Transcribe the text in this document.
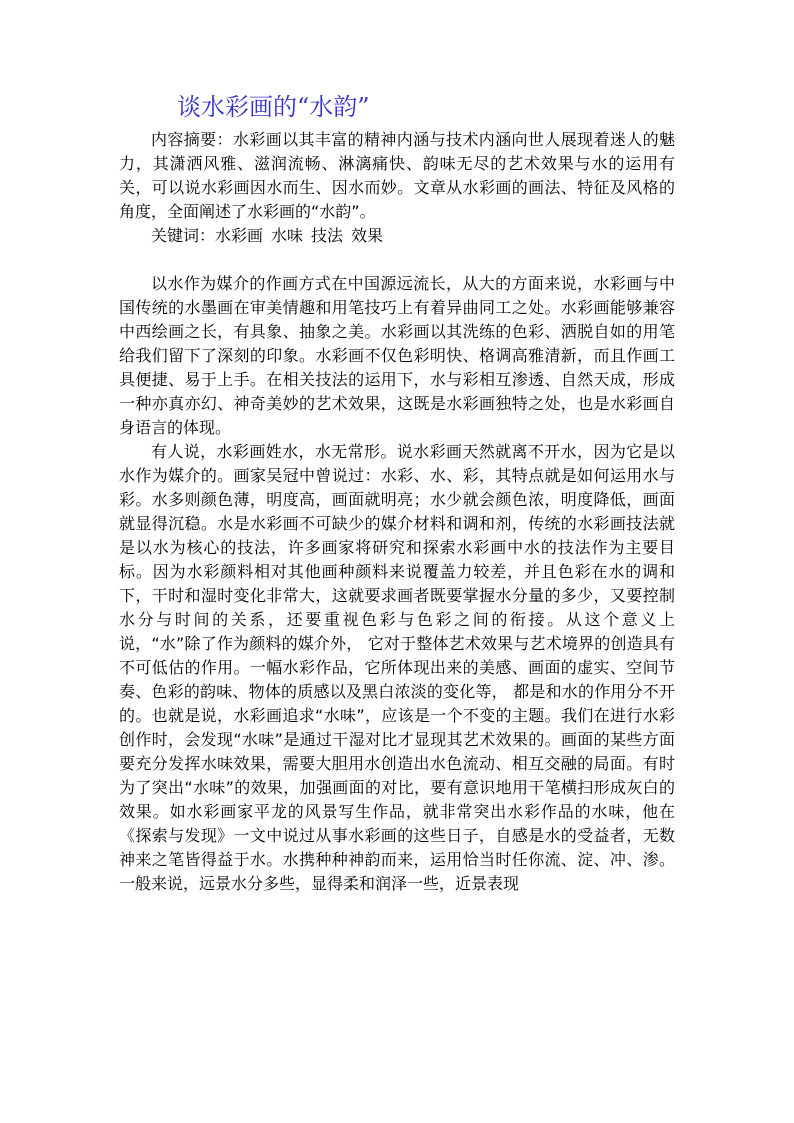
谈水彩画的“水韵”

内容摘要：水彩画以其丰富的精神内涵与技术内涵向世人展现着迷人的魅力，其潇洒风雅、滋润流畅、淋漓痛快、韵味无尽的艺术效果与水的运用有关，可以说水彩画因水而生、因水而妙。文章从水彩画的画法、特征及风格的角度，全面阐述了水彩画的“水韵”。

关键词：水彩画 水味 技法 效果

以水作为媒介的作画方式在中国源远流长，从大的方面来说，水彩画与中国传统的水墨画在审美情趣和用笔技巧上有着异曲同工之处。水彩画能够兼容中西绘画之长，有具象、抽象之美。水彩画以其洗练的色彩、洒脱自如的用笔给我们留下了深刻的印象。水彩画不仅色彩明快、格调高雅清新，而且作画工具便捷、易于上手。在相关技法的运用下，水与彩相互渗透、自然天成，形成一种亦真亦幻、神奇美妙的艺术效果，这既是水彩画独特之处，也是水彩画自身语言的体现。

有人说，水彩画姓水，水无常形。说水彩画天然就离不开水，因为它是以水作为媒介的。画家吴冠中曾说过：水彩、水、彩，其特点就是如何运用水与彩。水多则颜色薄，明度高，画面就明亮；水少就会颜色浓，明度降低，画面就显得沉稳。水是水彩画不可缺少的媒介材料和调和剂，传统的水彩画技法就是以水为核心的技法，许多画家将研究和探索水彩画中水的技法作为主要目标。因为水彩颜料相对其他画种颜料来说覆盖力较差，并且色彩在水的调和下，干时和湿时变化非常大，这就要求画者既要掌握水分量的多少，又要控制水分与时间的关系，还要重视色彩与色彩之间的衔接。从这个意义上说，“水”除了作为颜料的媒介外， 它对于整体艺术效果与艺术境界的创造具有不可低估的作用。一幅水彩作品，它所体现出来的美感、画面的虚实、空间节奏、色彩的韵味、物体的质感以及黑白浓淡的变化等， 都是和水的作用分不开的。也就是说，水彩画追求“水味”，应该是一个不变的主题。我们在进行水彩创作时，会发现“水味”是通过干湿对比才显现其艺术效果的。画面的某些方面要充分发挥水味效果，需要大胆用水创造出水色流动、相互交融的局面。有时为了突出“水味”的效果，加强画面的对比，要有意识地用干笔横扫形成灰白的效果。如水彩画家平龙的风景写生作品，就非常突出水彩作品的水味，他在《探索与发现》一文中说过从事水彩画的这些日子，自感是水的受益者，无数神来之笔皆得益于水。水携种种神韵而来，运用恰当时任你流、淀、冲、渗。一般来说，远景水分多些，显得柔和润泽一些，近景表现
